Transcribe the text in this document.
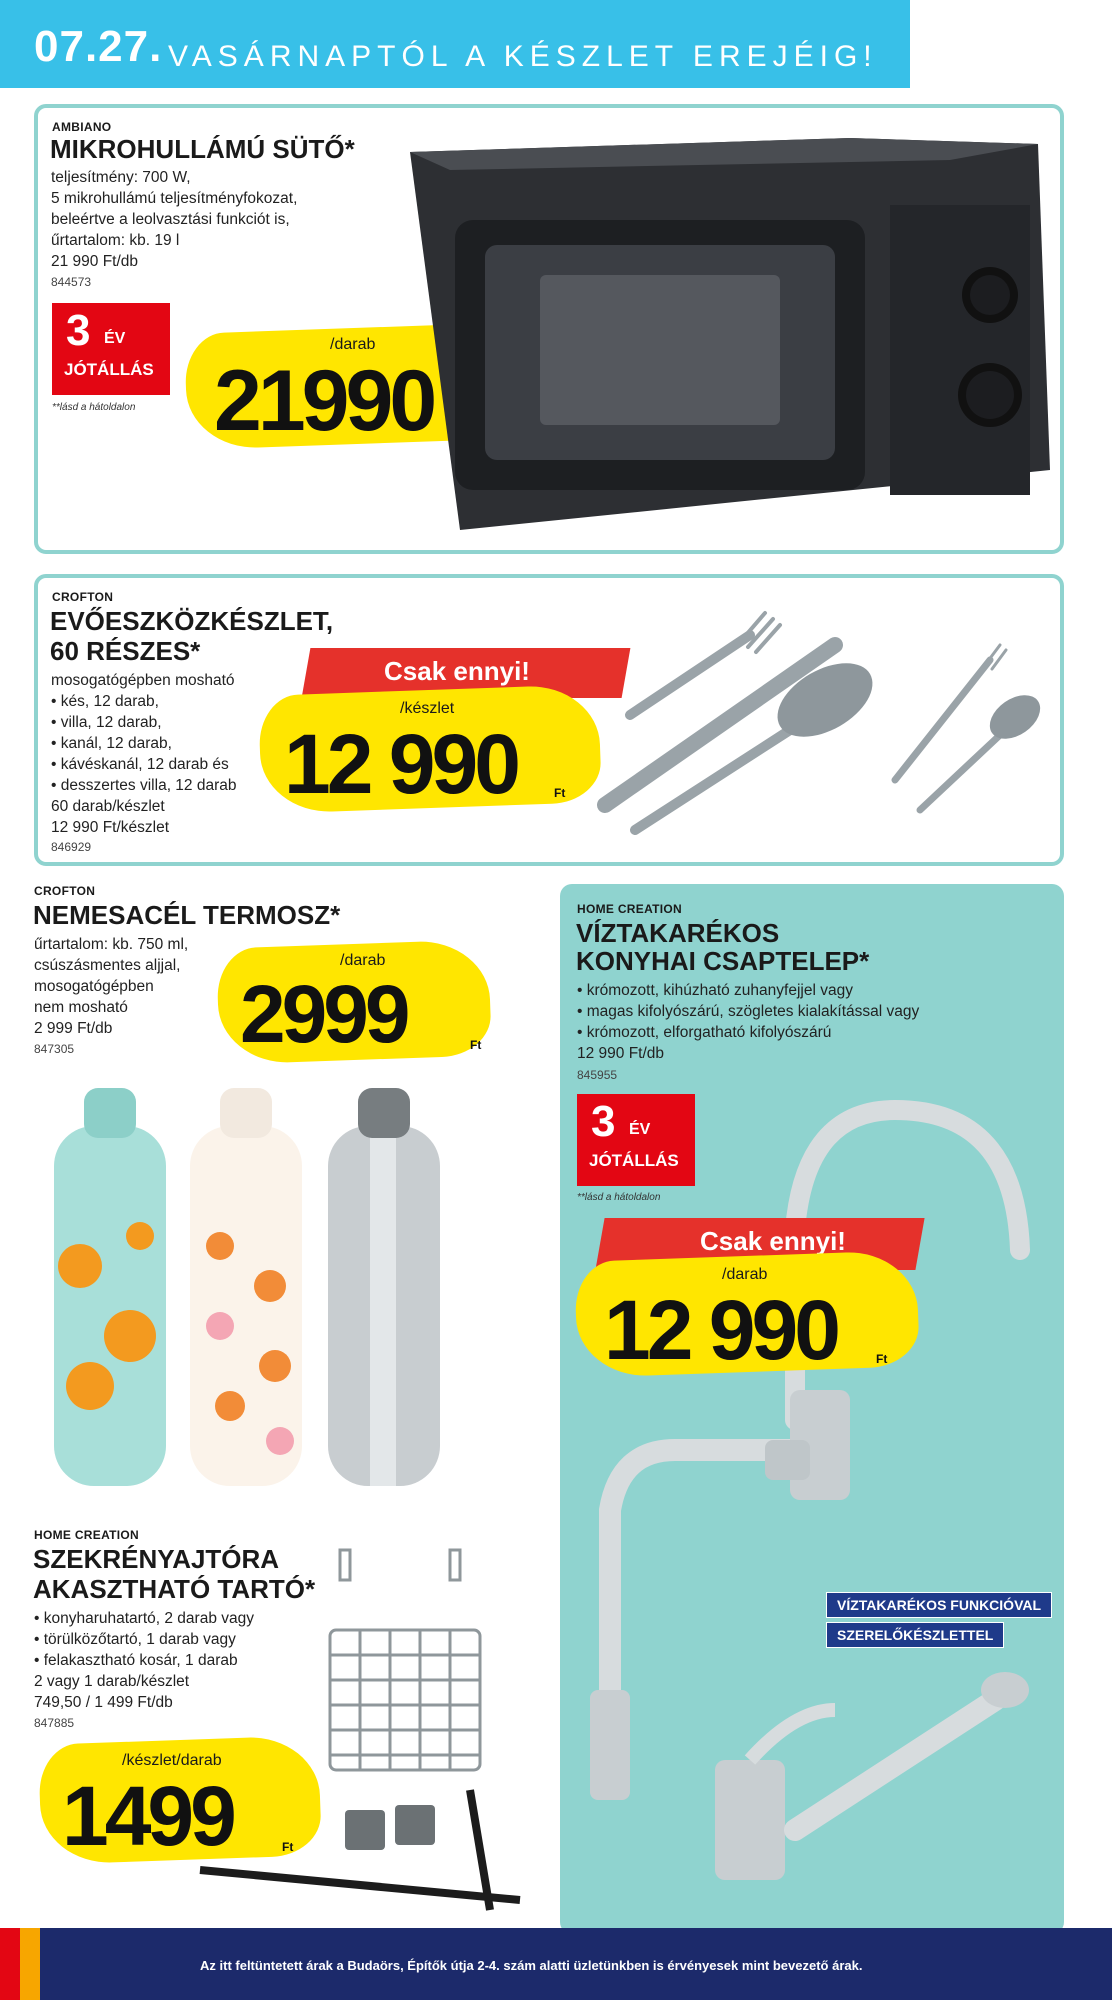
07.27. VASÁRNAPTÓL A KÉSZLET EREJÉIG!
AMBIANO
MIKROHULLÁMÚ SÜTŐ*
teljesítmény: 700 W,
5 mikrohullámú teljesítményfokozat,
beleértve a leolvasztási funkciót is,
űrtartalom: kb. 19 l
21 990 Ft/db
844573
3 ÉV
JÓTÁLLÁS
**lásd a hátoldalon
/darab
21990
CROFTON
EVŐESZKÖZKÉSZLET,
60 RÉSZES*
mosogatógépben mosható
• kés, 12 darab,
• villa, 12 darab,
• kanál, 12 darab,
• kávéskanál, 12 darab és
• desszertes villa, 12 darab
60 darab/készlet
12 990 Ft/készlet
846929
Csak ennyi!
/készlet
12 990	Ft
CROFTON
NEMESACÉL TERMOSZ*
űrtartalom: kb. 750 ml,
csúszásmentes aljjal,
mosogatógépben
nem mosható
2 999 Ft/db
847305
/darab
2999	Ft
HOME CREATION
VÍZTAKARÉKOS
KONYHAI CSAPTELEP*
• krómozott, kihúzható zuhanyfejjel vagy
• magas kifolyószárú, szögletes kialakítással vagy
• krómozott, elforgatható kifolyószárú
12 990 Ft/db
845955
3 ÉV
JÓTÁLLÁS
**lásd a hátoldalon
Csak ennyi!
/darab
12 990	Ft
VÍZTAKARÉKOS FUNKCIÓVAL
SZERELŐKÉSZLETTEL
HOME CREATION
SZEKRÉNYAJTÓRA
AKASZTHATÓ TARTÓ*
• konyharuhatartó, 2 darab vagy
• törülközőtartó, 1 darab vagy
• felakasztható kosár, 1 darab
2 vagy 1 darab/készlet
749,50 / 1 499 Ft/db
847885
/készlet/darab
1499	Ft
Az itt feltüntetett árak a Budaörs, Építők útja 2-4. szám alatti üzletünkben is érvényesek mint bevezető árak.
